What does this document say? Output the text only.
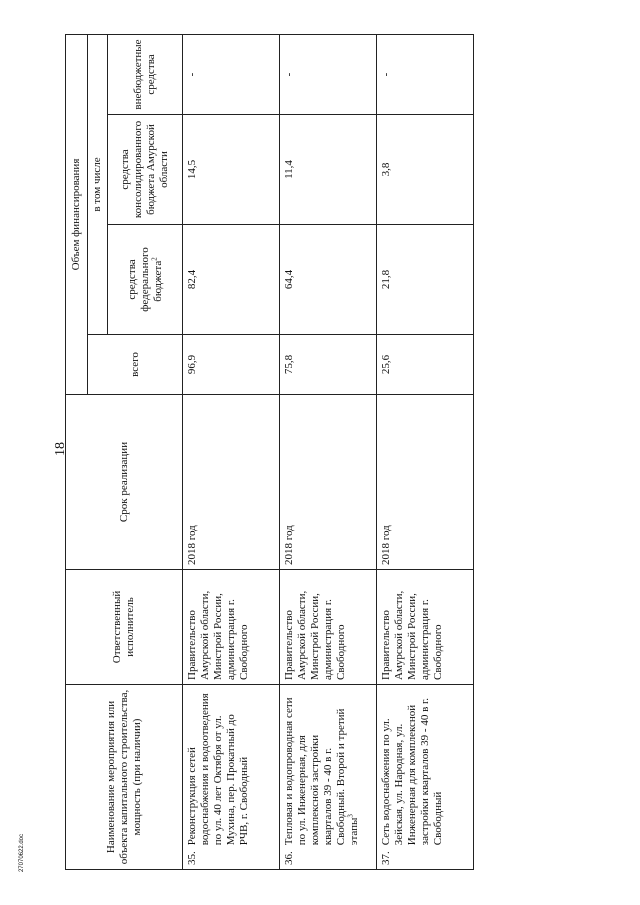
18
27070622.doc	Наименование мероприятия или объекта капитального строительства, мощность (при наличии)	Ответственный исполнитель	Срок реализации	Объем финансирования			
			всего	в том числе		
				средства федерального бюджета$^2$	средства консолидированного бюджета Амурской области	внебюджетные средства

35.
Реконструкция сетей водоснабжения и водоотведения по ул. 40 лет Октября от ул. Мухина, пер. Прокатный до РЧВ, г. Свободный	Правительство Амурской области, Минстрой России, администрация г. Свободного	2018 год	96,9	82,4	14,5	-

36.
Тепловая и водопроводная сети по ул. Инженерная, для комплексной застройки кварталов 39 - 40 в г. Свободный. Второй и третий этапы$^3$	Правительство Амурской области, Минстрой России, администрация г. Свободного	2018 год	75,8	64,4	11,4	-

37.
Сеть водоснабжения по ул. Зейская, ул. Народная, ул. Инженерная для комплексной застройки кварталов 39 - 40 в г. Свободный	Правительство Амурской области, Минстрой России, администрация г. Свободного	2018 год	25,6	21,8	3,8	-
